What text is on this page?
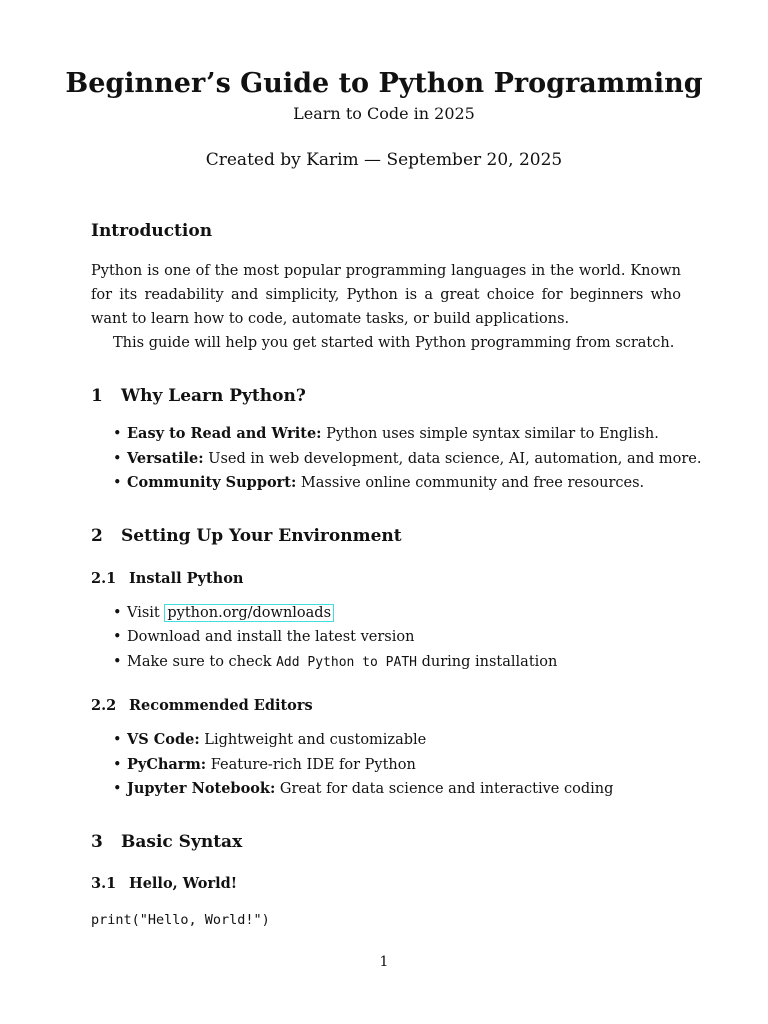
Beginner’s Guide to Python Programming
Learn to Code in 2025
Created by Karim — September 20, 2025
Introduction

Python is one of the most popular programming languages in the world. Known for its readability and simplicity, Python is a great choice for beginners who want to learn how to code, automate tasks, or build applications.

This guide will help you get started with Python programming from scratch.

1 Why Learn Python?
• Easy to Read and Write: Python uses simple syntax similar to English.
• Versatile: Used in web development, data science, AI, automation, and more.
• Community Support: Massive online community and free resources.
2 Setting Up Your Environment
2.1 Install Python
• Visit python.org/downloads
• Download and install the latest version
• Make sure to check Add Python to PATH during installation
2.2 Recommended Editors
• VS Code: Lightweight and customizable
• PyCharm: Feature-rich IDE for Python
• Jupyter Notebook: Great for data science and interactive coding
3 Basic Syntax
3.1 Hello, World!
print("Hello, World!")
1
